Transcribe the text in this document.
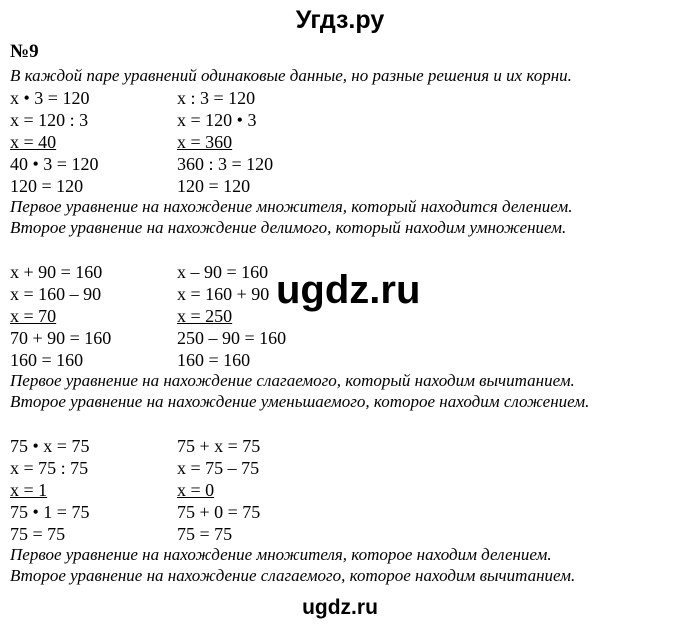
Угдз.ру
№9
В каждой паре уравнений одинаковые данные, но разные решения и их корни.
x • 3 = 120	x : 3 = 120
x = 120 : 3	x = 120 • 3
x = 40	x = 360
40 • 3 = 120	360 : 3 = 120
120 = 120	120 = 120
Первое уравнение на нахождение множителя, который находится делением.
Второе уравнение на нахождение делимого, который находим умножением.
x + 90 = 160	x – 90 = 160
x = 160 – 90	x = 160 + 90
x = 70	x = 250
70 + 90 = 160	250 – 90 = 160
160 = 160	160 = 160
Первое уравнение на нахождение слагаемого, который находим вычитанием.
Второе уравнение на нахождение уменьшаемого, которое находим сложением.
75 • x = 75	75 + x = 75
x = 75 : 75	x = 75 – 75
x = 1	x = 0
75 • 1 = 75	75 + 0 = 75
75 = 75	75 = 75
Первое уравнение на нахождение множителя, которое находим делением.
Второе уравнение на нахождение слагаемого, которое находим вычитанием.
ugdz.ru
ugdz.ru
